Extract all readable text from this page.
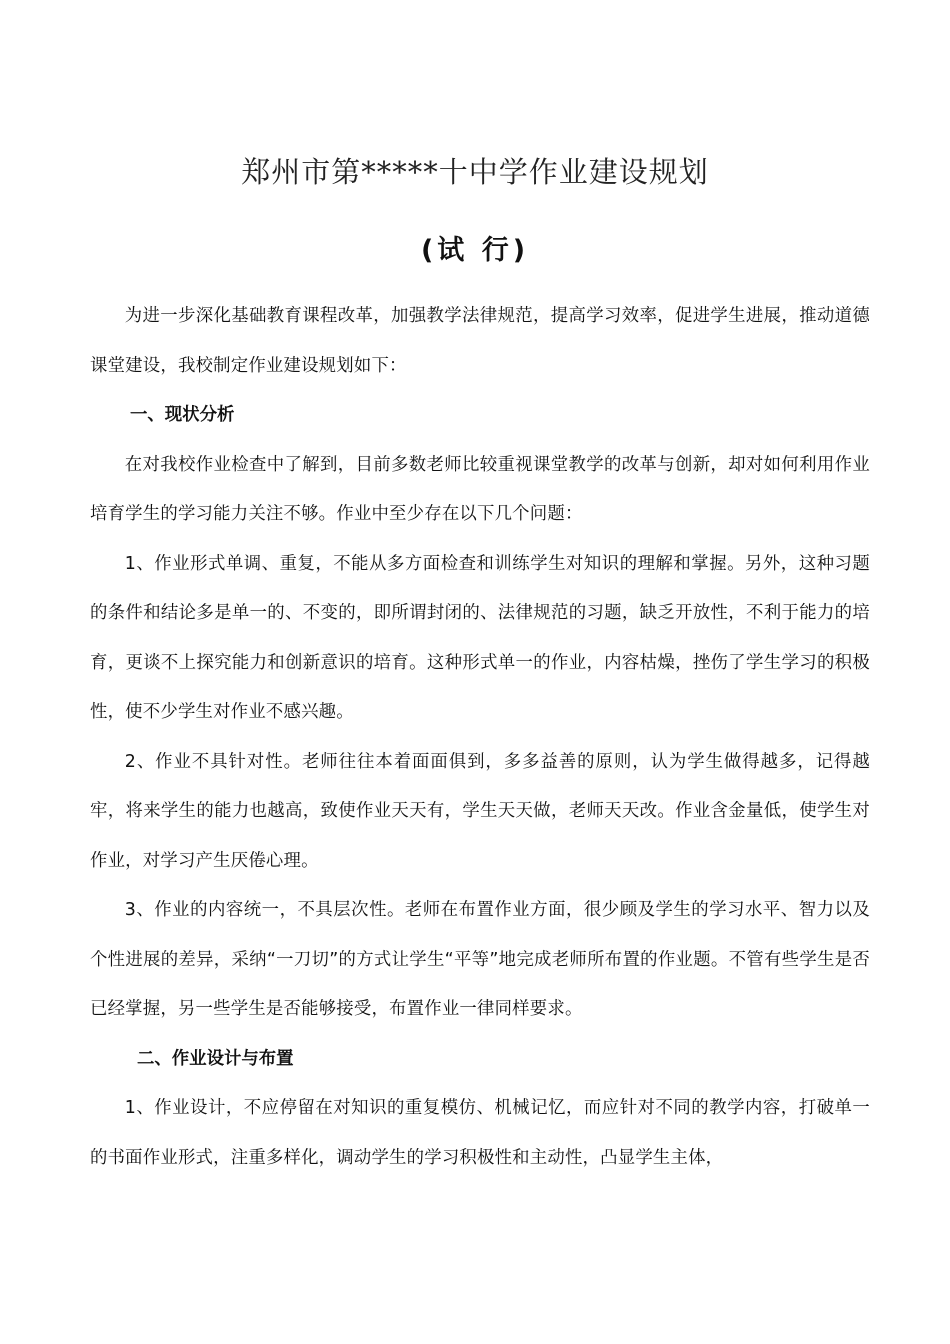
郑州市第*****十中学作业建设规划
(试 行)

为进一步深化基础教育课程改革，加强教学法律规范，提高学习效率，促进学生进展，推动道德课堂建设，我校制定作业建设规划如下：

一、现状分析

在对我校作业检查中了解到，目前多数老师比较重视课堂教学的改革与创新，却对如何利用作业培育学生的学习能力关注不够。作业中至少存在以下几个问题：

1、作业形式单调、重复，不能从多方面检查和训练学生对知识的理解和掌握。另外，这种习题的条件和结论多是单一的、不变的，即所谓封闭的、法律规范的习题，缺乏开放性，不利于能力的培育，更谈不上探究能力和创新意识的培育。这种形式单一的作业，内容枯燥，挫伤了学生学习的积极性，使不少学生对作业不感兴趣。

2、作业不具针对性。老师往往本着面面俱到，多多益善的原则，认为学生做得越多，记得越牢，将来学生的能力也越高，致使作业天天有，学生天天做，老师天天改。作业含金量低，使学生对作业，对学习产生厌倦心理。

3、作业的内容统一，不具层次性。老师在布置作业方面，很少顾及学生的学习水平、智力以及个性进展的差异，采纳“一刀切”的方式让学生“平等”地完成老师所布置的作业题。不管有些学生是否已经掌握，另一些学生是否能够接受，布置作业一律同样要求。

二、作业设计与布置

1、作业设计，不应停留在对知识的重复模仿、机械记忆，而应针对不同的教学内容，打破单一的书面作业形式，注重多样化，调动学生的学习积极性和主动性，凸显学生主体，
